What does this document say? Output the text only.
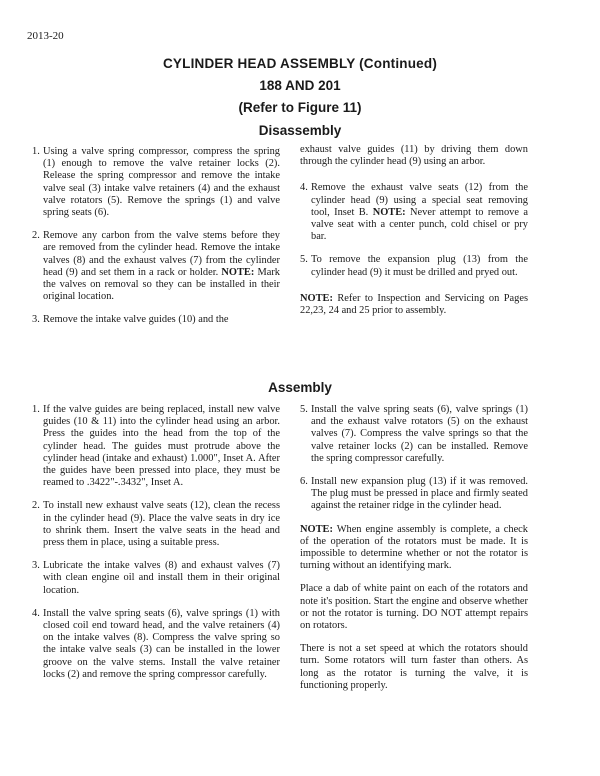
2013-20
CYLINDER HEAD ASSEMBLY (Continued)
188 AND 201
(Refer to Figure 11)
Disassembly
1. Using a valve spring compressor, compress the spring (1) enough to remove the valve retainer locks (2). Release the spring compressor and remove the intake valve seal (3) intake valve retainers (4) and the exhaust valve rotators (5). Remove the springs (1) and valve spring seats (6).
2. Remove any carbon from the valve stems before they are removed from the cylinder head. Remove the intake valves (8) and the exhaust valves (7) from the cylinder head (9) and set them in a rack or holder. NOTE: Mark the valves on removal so they can be installed in their original location.
3. Remove the intake valve guides (10) and the
exhaust valve guides (11) by driving them down through the cylinder head (9) using an arbor.
4. Remove the exhaust valve seats (12) from the cylinder head (9) using a special seat removing tool, Inset B. NOTE: Never attempt to remove a valve seat with a center punch, cold chisel or pry bar.
5. To remove the expansion plug (13) from the cylinder head (9) it must be drilled and pryed out.
NOTE: Refer to Inspection and Servicing on Pages 22,23, 24 and 25 prior to assembly.
Assembly
1. If the valve guides are being replaced, install new valve guides (10 & 11) into the cylinder head using an arbor. Press the guides into the head from the top of the cylinder head. The guides must protrude above the cylinder head (intake and exhaust) 1.000", Inset A. After the guides have been pressed into place, they must be reamed to .3422"-.3432", Inset A.
2. To install new exhaust valve seats (12), clean the recess in the cylinder head (9). Place the valve seats in dry ice to shrink them. Insert the valve seats in the head and press them in place, using a suitable press.
3. Lubricate the intake valves (8) and exhaust valves (7) with clean engine oil and install them in their original location.
4. Install the valve spring seats (6), valve springs (1) with closed coil end toward head, and the valve retainers (4) on the intake valves (8). Compress the valve spring so the intake valve seals (3) can be installed in the lower groove on the valve stems. Install the valve retainer locks (2) and remove the spring compressor carefully.
5. Install the valve spring seats (6), valve springs (1) and the exhaust valve rotators (5) on the exhaust valves (7). Compress the valve springs so that the valve retainer locks (2) can be installed. Remove the spring compressor carefully.
6. Install new expansion plug (13) if it was removed. The plug must be pressed in place and firmly seated against the retainer ridge in the cylinder head.
NOTE: When engine assembly is complete, a check of the operation of the rotators must be made. It is impossible to determine whether or not the rotator is turning without an identifying mark.
Place a dab of white paint on each of the rotators and note it's position. Start the engine and observe whether or not the rotator is turning. DO NOT attempt repairs on rotators.
There is not a set speed at which the rotators should turn. Some rotators will turn faster than others. As long as the rotator is turning the valve, it is functioning properly.
